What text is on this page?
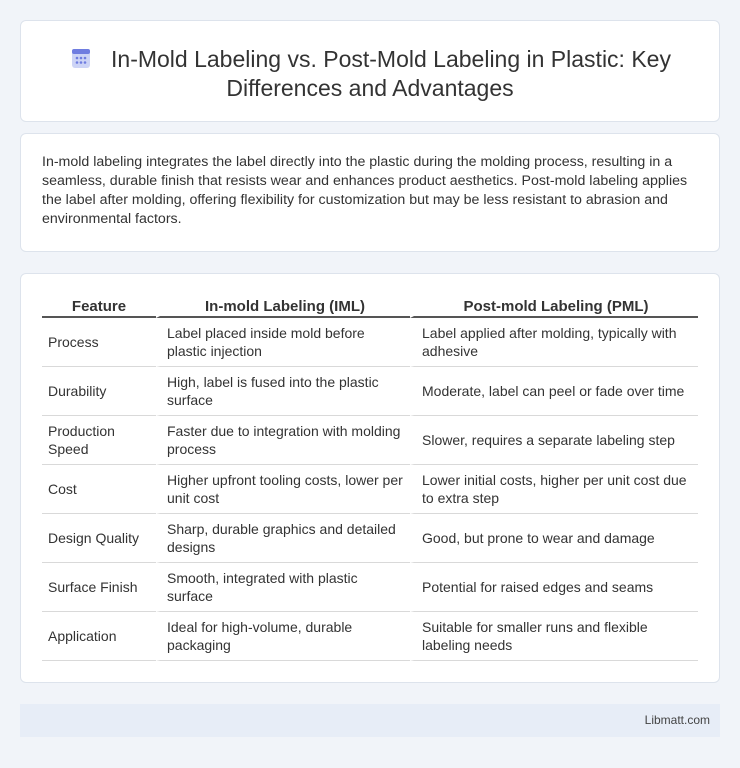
In-Mold Labeling vs. Post-Mold Labeling in Plastic: Key Differences and Advantages

In-mold labeling integrates the label directly into the plastic during the molding process, resulting in a seamless, durable finish that resists wear and enhances product aesthetics. Post-mold labeling applies the label after molding, offering flexibility for customization but may be less resistant to abrasion and environmental factors.

Feature	In-mold Labeling (IML)	Post-mold Labeling (PML)
Process	Label placed inside mold before plastic injection	Label applied after molding, typically with adhesive
Durability	High, label is fused into the plastic surface	Moderate, label can peel or fade over time
Production Speed	Faster due to integration with molding process	Slower, requires a separate labeling step
Cost	Higher upfront tooling costs, lower per unit cost	Lower initial costs, higher per unit cost due to extra step
Design Quality	Sharp, durable graphics and detailed designs	Good, but prone to wear and damage
Surface Finish	Smooth, integrated with plastic surface	Potential for raised edges and seams
Application	Ideal for high-volume, durable packaging	Suitable for smaller runs and flexible labeling needs
Libmatt.com
